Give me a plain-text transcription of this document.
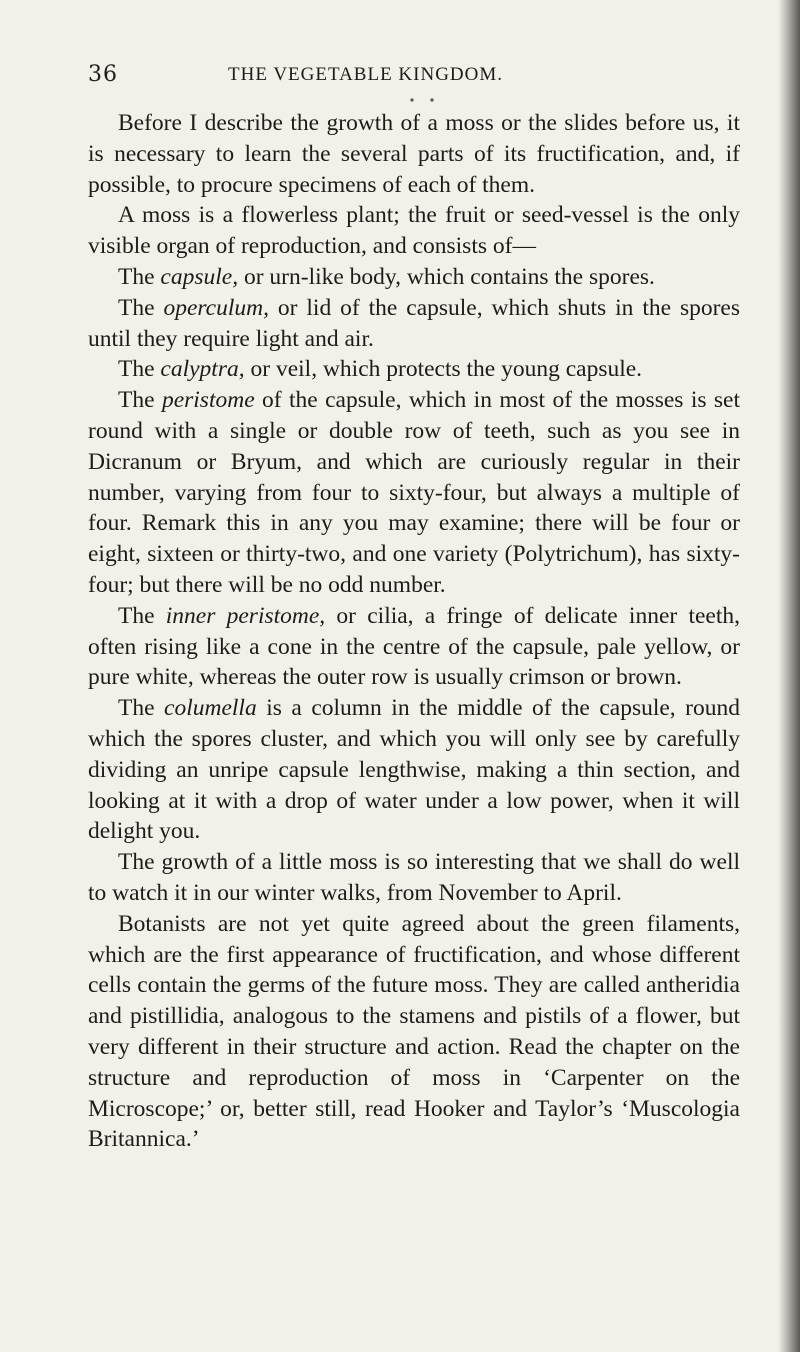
36	THE VEGETABLE KINGDOM.

Before I describe the growth of a moss or the slides before us, it is necessary to learn the several parts of its fructification, and, if possible, to procure specimens of each of them.

A moss is a flowerless plant; the fruit or seed-vessel is the only visible organ of reproduction, and consists of—

The capsule, or urn-like body, which contains the spores.

The operculum, or lid of the capsule, which shuts in the spores until they require light and air.

The calyptra, or veil, which protects the young capsule.

The peristome of the capsule, which in most of the mosses is set round with a single or double row of teeth, such as you see in Dicranum or Bryum, and which are curiously regular in their number, varying from four to sixty-four, but always a multiple of four. Remark this in any you may examine; there will be four or eight, sixteen or thirty-two, and one variety (Polytrichum), has sixty-four; but there will be no odd number.

The inner peristome, or cilia, a fringe of delicate inner teeth, often rising like a cone in the centre of the capsule, pale yellow, or pure white, whereas the outer row is usually crimson or brown.

The columella is a column in the middle of the capsule, round which the spores cluster, and which you will only see by carefully dividing an unripe capsule lengthwise, making a thin section, and looking at it with a drop of water under a low power, when it will delight you.

The growth of a little moss is so interesting that we shall do well to watch it in our winter walks, from November to April.

Botanists are not yet quite agreed about the green filaments, which are the first appearance of fructification, and whose different cells contain the germs of the future moss. They are called antheridia and pistillidia, analogous to the stamens and pistils of a flower, but very different in their structure and action. Read the chapter on the structure and reproduction of moss in ‘Carpenter on the Microscope;’ or, better still, read Hooker and Taylor’s ‘Muscologia Britannica.’
